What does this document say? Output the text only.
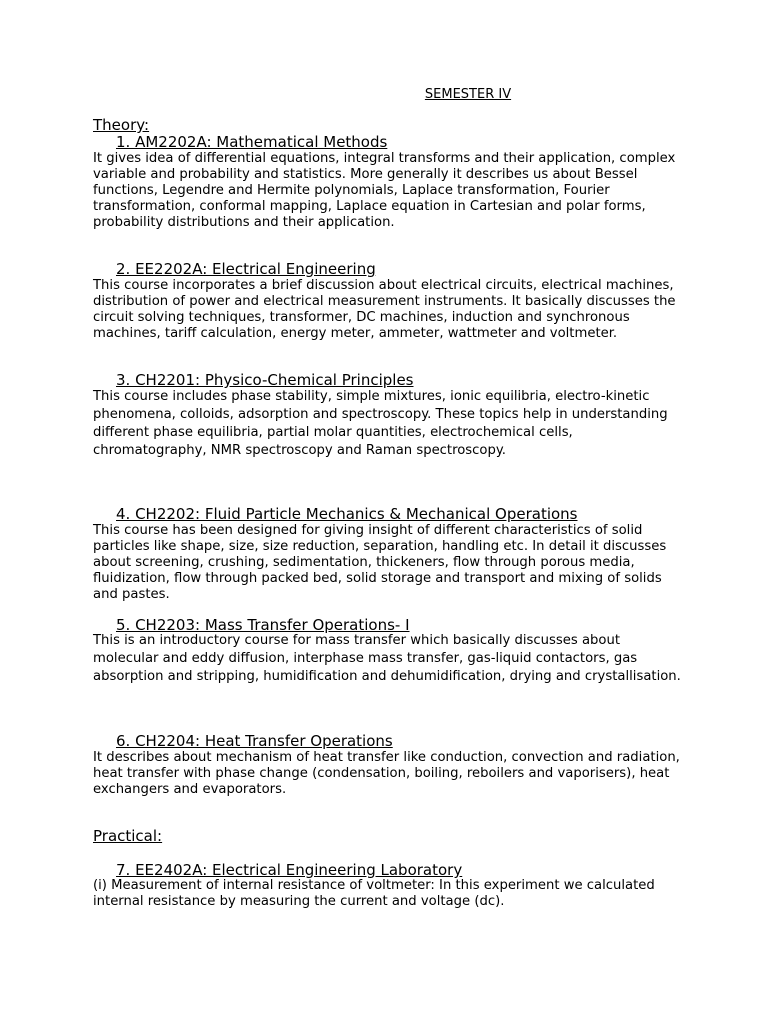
SEMESTER IV
Theory:
1. AM2202A: Mathematical Methods

It gives idea of differential equations, integral transforms and their application, complex variable and probability and statistics. More generally it describes us about Bessel functions, Legendre and Hermite polynomials, Laplace transformation, Fourier transformation, conformal mapping, Laplace equation in Cartesian and polar forms, probability distributions and their application.

2. EE2202A: Electrical Engineering

This course incorporates a brief discussion about electrical circuits, electrical machines, distribution of power and electrical measurement instruments. It basically discusses the circuit solving techniques, transformer, DC machines, induction and synchronous machines, tariff calculation, energy meter, ammeter, wattmeter and voltmeter.

3. CH2201: Physico-Chemical Principles

This course includes phase stability, simple mixtures, ionic equilibria, electro-kinetic phenomena, colloids, adsorption and spectroscopy. These topics help in understanding different phase equilibria, partial molar quantities, electrochemical cells, chromatography, NMR spectroscopy and Raman spectroscopy.

4. CH2202: Fluid Particle Mechanics & Mechanical Operations

This course has been designed for giving insight of different characteristics of solid particles like shape, size, size reduction, separation, handling etc. In detail it discusses about screening, crushing, sedimentation, thickeners, flow through porous media, fluidization, flow through packed bed, solid storage and transport and mixing of solids and pastes.

5. CH2203: Mass Transfer Operations- I

This is an introductory course for mass transfer which basically discusses about molecular and eddy diffusion, interphase mass transfer, gas-liquid contactors, gas absorption and stripping, humidification and dehumidification, drying and crystallisation.

6. CH2204: Heat Transfer Operations

It describes about mechanism of heat transfer like conduction, convection and radiation, heat transfer with phase change (condensation, boiling, reboilers and vaporisers), heat exchangers and evaporators.

Practical:
7. EE2402A: Electrical Engineering Laboratory

(i) Measurement of internal resistance of voltmeter: In this experiment we calculated internal resistance by measuring the current and voltage (dc).
